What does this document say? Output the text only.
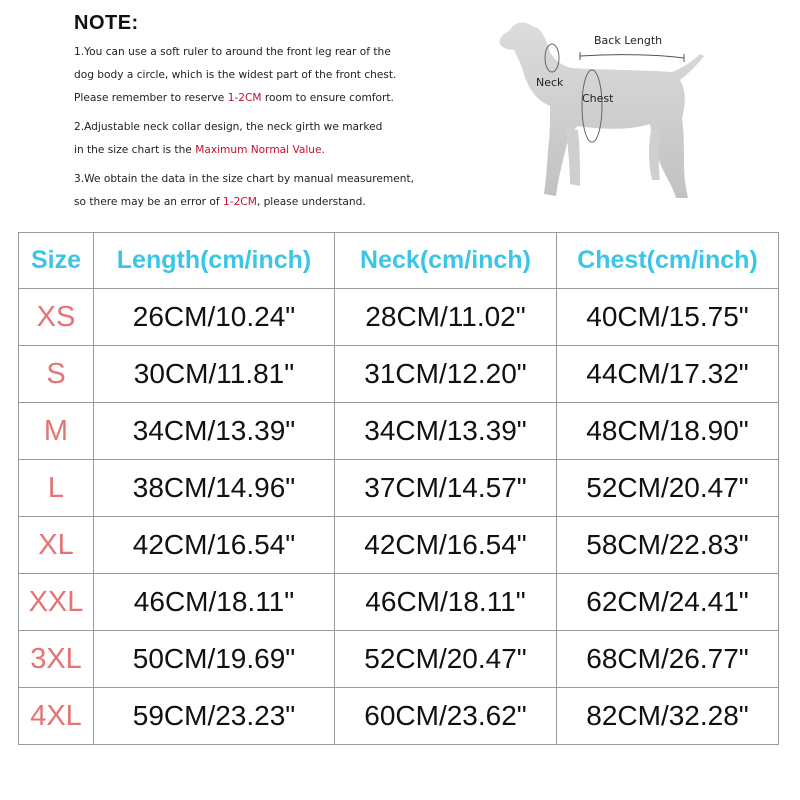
NOTE:
1.You can use a soft ruler to around the front leg rear of the
dog body a circle, which is the widest part of the front chest.
Please remember to reserve 1-2CM room to ensure comfort.
2.Adjustable neck collar design, the neck girth we marked
in the size chart is the Maximum Normal Value.
3.We obtain the data in the size chart by manual measurement,
so there may be an error of 1-2CM, please understand.
Back Length
Neck
Chest
Size	Length(cm/inch)	Neck(cm/inch)	Chest(cm/inch)
XS	26CM/10.24"	28CM/11.02"	40CM/15.75"
S	30CM/11.81"	31CM/12.20"	44CM/17.32"
M	34CM/13.39"	34CM/13.39"	48CM/18.90"
L	38CM/14.96"	37CM/14.57"	52CM/20.47"
XL	42CM/16.54"	42CM/16.54"	58CM/22.83"
XXL	46CM/18.11"	46CM/18.11"	62CM/24.41"
3XL	50CM/19.69"	52CM/20.47"	68CM/26.77"
4XL	59CM/23.23"	60CM/23.62"	82CM/32.28"
